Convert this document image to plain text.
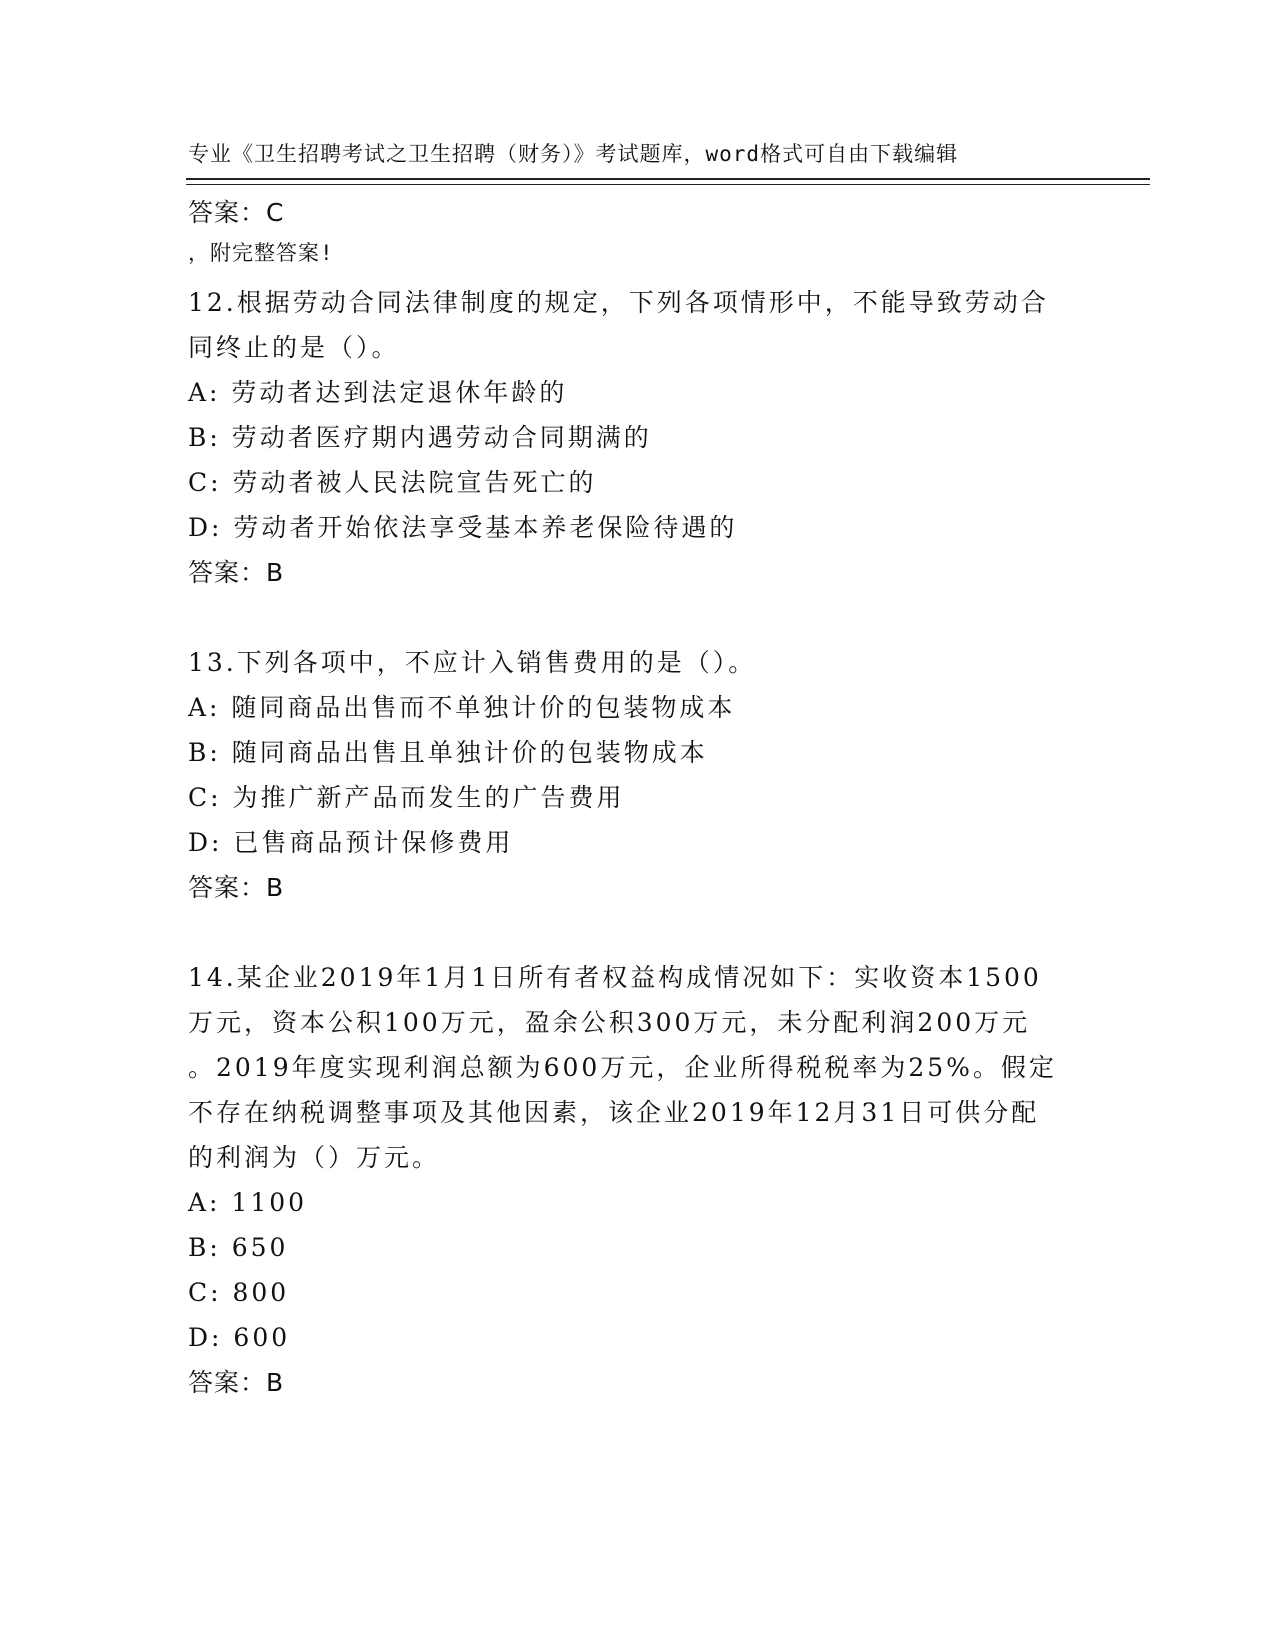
专业《卫生招聘考试之卫生招聘（财务）》考试题库，word格式可自由下载编辑

，附完整答案!

答案：C
12.根据劳动合同法律制度的规定，下列各项情形中，不能导致劳动合
同终止的是（）。
A: 劳动者达到法定退休年龄的
B: 劳动者医疗期内遇劳动合同期满的
C: 劳动者被人民法院宣告死亡的
D: 劳动者开始依法享受基本养老保险待遇的
答案：B
13.下列各项中，不应计入销售费用的是（）。
A: 随同商品出售而不单独计价的包装物成本
B: 随同商品出售且单独计价的包装物成本
C: 为推广新产品而发生的广告费用
D: 已售商品预计保修费用
答案：B
14.某企业2019年1月1日所有者权益构成情况如下：实收资本1500
万元，资本公积100万元，盈余公积300万元，未分配利润200万元
。2019年度实现利润总额为600万元，企业所得税税率为25%。假定
不存在纳税调整事项及其他因素，该企业2019年12月31日可供分配
的利润为（）万元。
A: 1100
B: 650
C: 800
D: 600
答案：B
